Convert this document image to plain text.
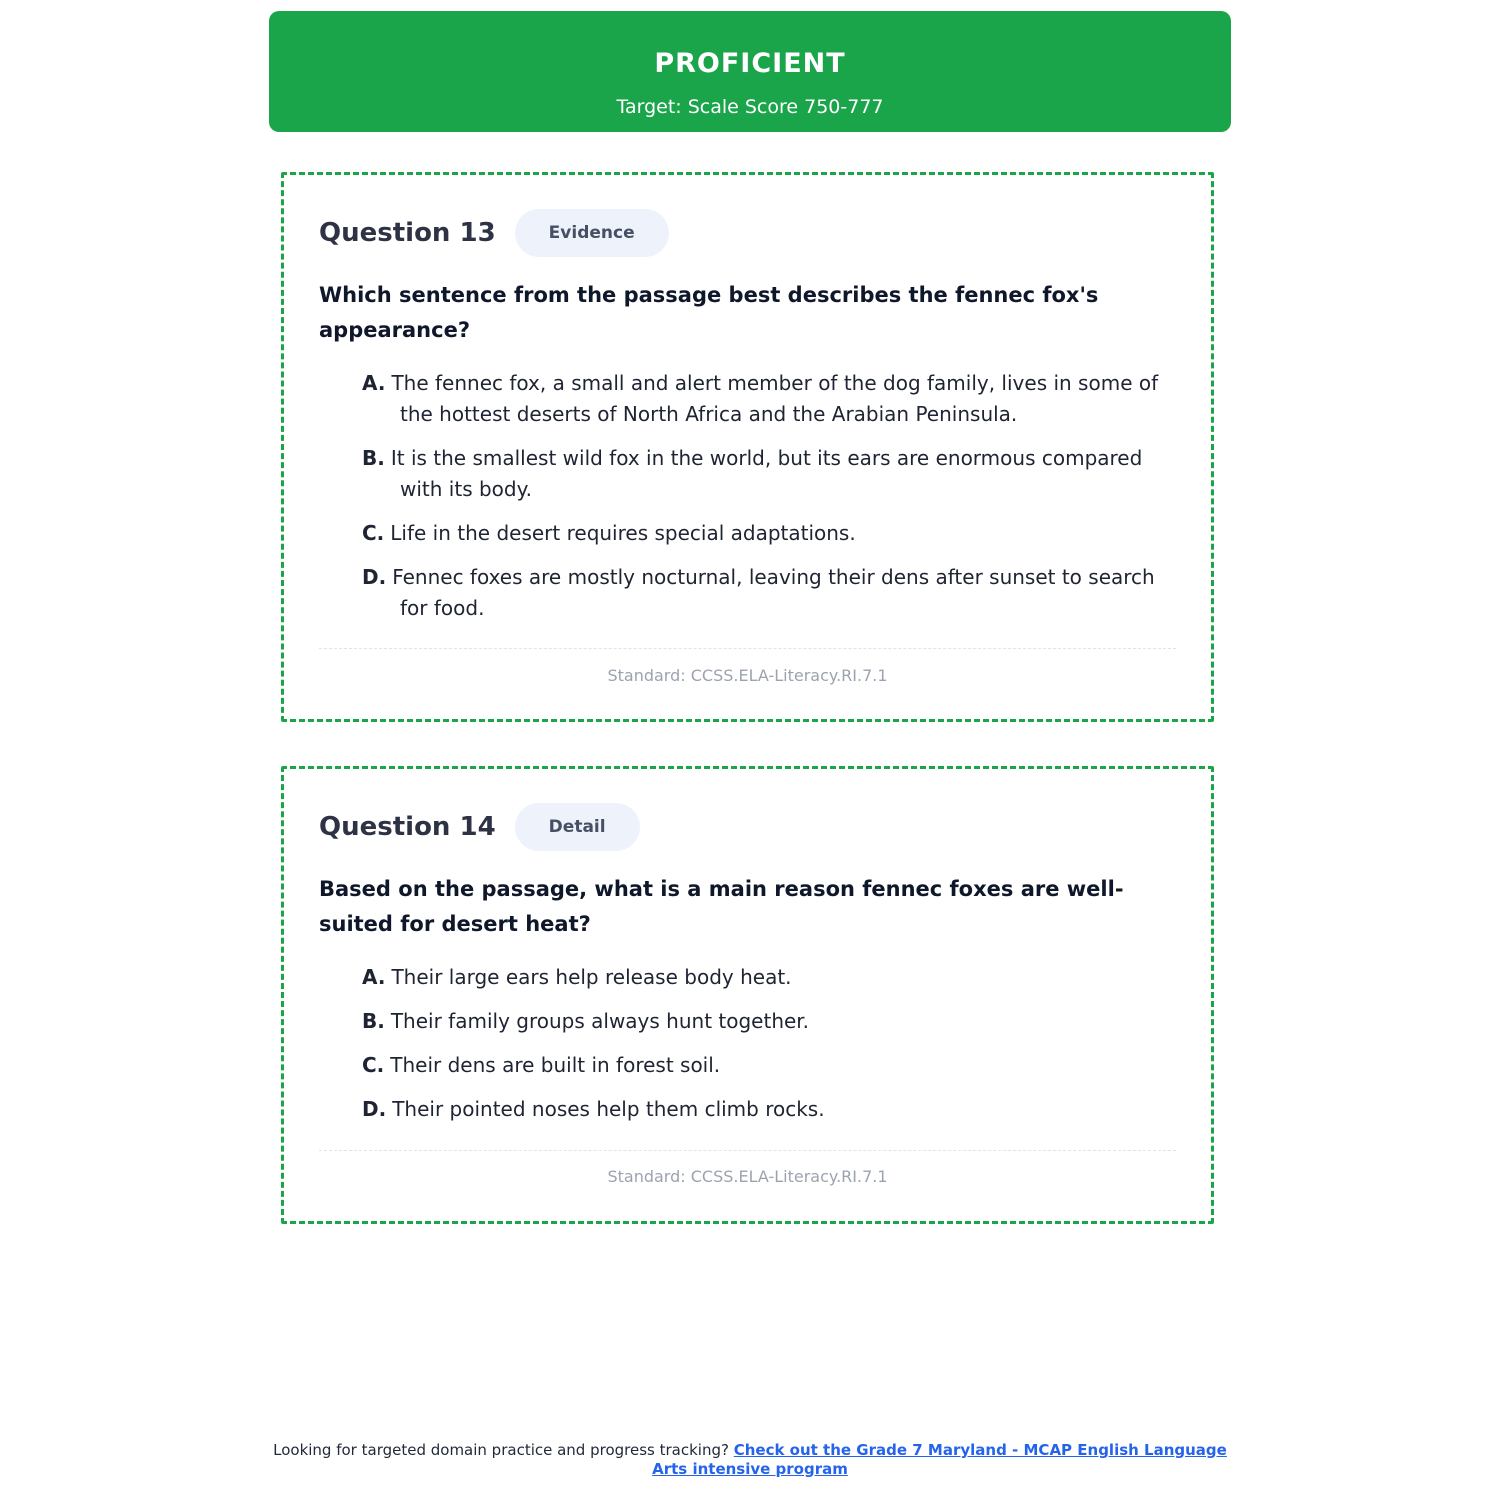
PROFICIENT
Target: Scale Score 750-777
Question 13	Evidence
Which sentence from the passage best describes the fennec fox's appearance?
A. The fennec fox, a small and alert member of the dog family, lives in some of the hottest deserts of North Africa and the Arabian Peninsula.
B. It is the smallest wild fox in the world, but its ears are enormous compared with its body.
C. Life in the desert requires special adaptations.
D. Fennec foxes are mostly nocturnal, leaving their dens after sunset to search for food.
Standard: CCSS.ELA-Literacy.RI.7.1
Question 14	Detail
Based on the passage, what is a main reason fennec foxes are well-suited for desert heat?
A. Their large ears help release body heat.
B. Their family groups always hunt together.
C. Their dens are built in forest soil.
D. Their pointed noses help them climb rocks.
Standard: CCSS.ELA-Literacy.RI.7.1
Looking for targeted domain practice and progress tracking? Check out the Grade 7 Maryland - MCAP English Language Arts intensive program
